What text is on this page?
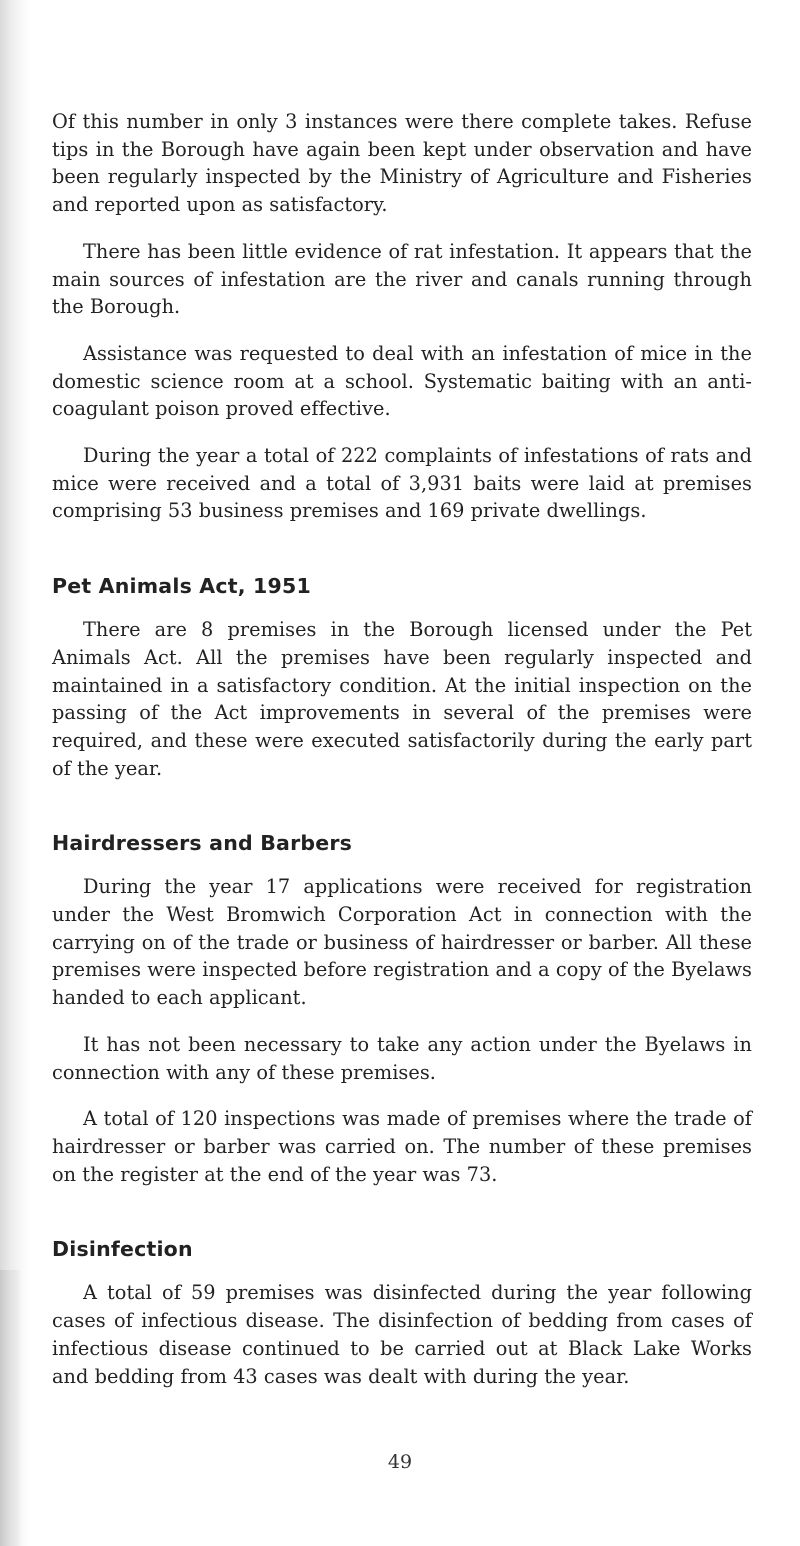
Of this number in only 3 instances were there complete takes. Refuse tips in the Borough have again been kept under observation and have been regularly inspected by the Ministry of Agriculture and Fisheries and reported upon as satisfactory.

There has been little evidence of rat infestation. It appears that the main sources of infestation are the river and canals running through the Borough.

Assistance was requested to deal with an infestation of mice in the domestic science room at a school. Systematic baiting with an anti-coagulant poison proved effective.

During the year a total of 222 complaints of infestations of rats and mice were received and a total of 3,931 baits were laid at premises comprising 53 business premises and 169 private dwellings.

Pet Animals Act, 1951

There are 8 premises in the Borough licensed under the Pet Animals Act. All the premises have been regularly inspected and maintained in a satisfactory condition. At the initial inspection on the passing of the Act improvements in several of the premises were required, and these were executed satisfactorily during the early part of the year.

Hairdressers and Barbers

During the year 17 applications were received for registration under the West Bromwich Corporation Act in connection with the carrying on of the trade or business of hairdresser or barber. All these premises were inspected before registration and a copy of the Byelaws handed to each applicant.

It has not been necessary to take any action under the Byelaws in connection with any of these premises.

A total of 120 inspections was made of premises where the trade of hairdresser or barber was carried on. The number of these premises on the register at the end of the year was 73.

Disinfection

A total of 59 premises was disinfected during the year following cases of infectious disease. The disinfection of bedding from cases of infectious disease continued to be carried out at Black Lake Works and bedding from 43 cases was dealt with during the year.

49
